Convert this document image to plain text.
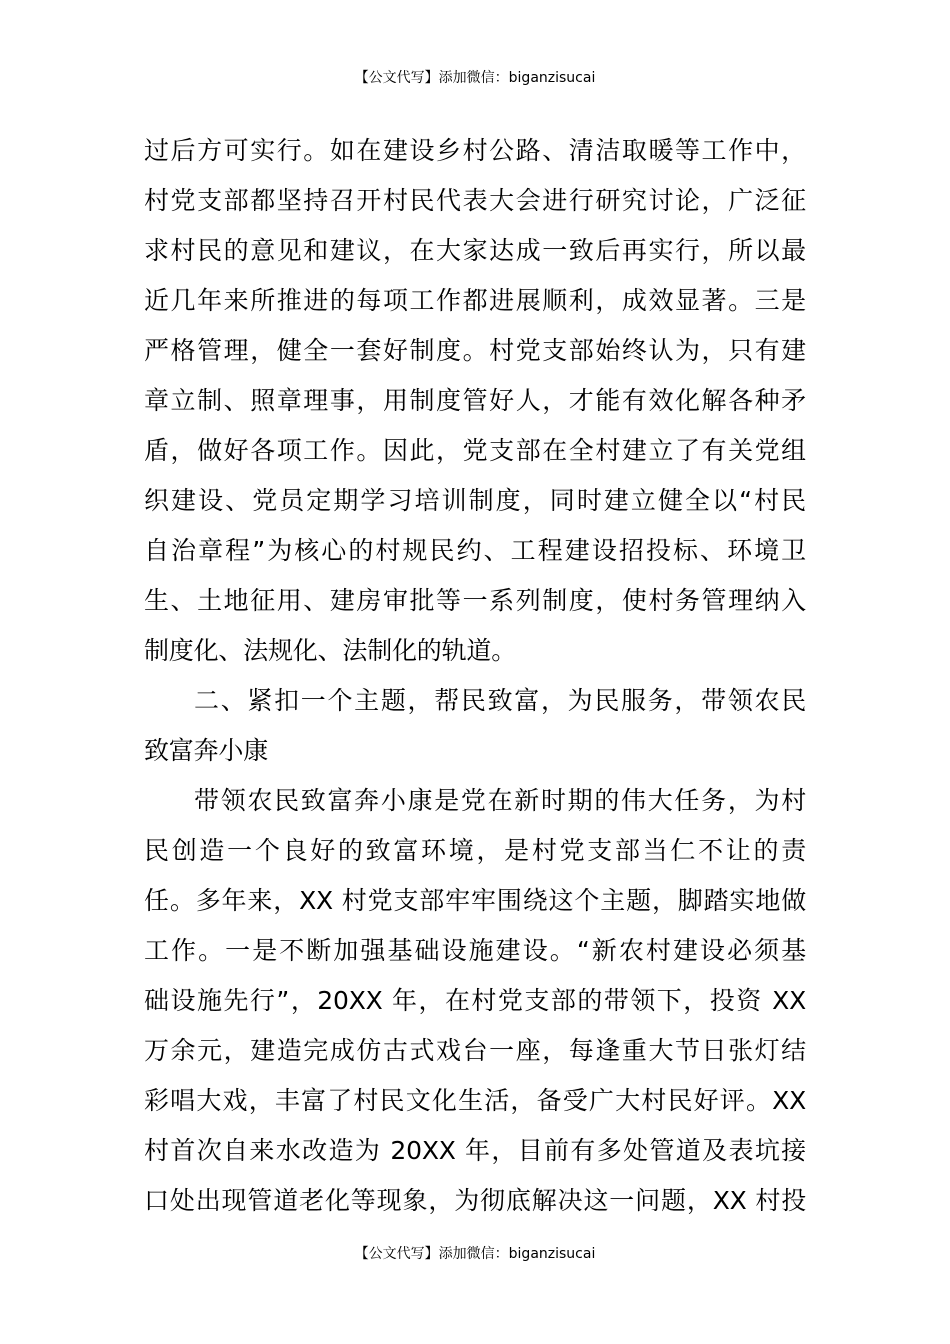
【公文代写】添加微信：biganzisucai
过后方可实行。如在建设乡村公路、清洁取暖等工作中，
村党支部都坚持召开村民代表大会进行研究讨论，广泛征
求村民的意见和建议，在大家达成一致后再实行，所以最
近几年来所推进的每项工作都进展顺利，成效显著。三是
严格管理，健全一套好制度。村党支部始终认为，只有建
章立制、照章理事，用制度管好人，才能有效化解各种矛
盾，做好各项工作。因此，党支部在全村建立了有关党组
织建设、党员定期学习培训制度，同时建立健全以“村民
自治章程”为核心的村规民约、工程建设招投标、环境卫
生、土地征用、建房审批等一系列制度，使村务管理纳入
制度化、法规化、法制化的轨道。
二、紧扣一个主题，帮民致富，为民服务，带领农民
致富奔小康
带领农民致富奔小康是党在新时期的伟大任务，为村
民创造一个良好的致富环境，是村党支部当仁不让的责
任。多年来，XX 村党支部牢牢围绕这个主题，脚踏实地做
工作。一是不断加强基础设施建设。“新农村建设必须基
础设施先行”，20XX 年，在村党支部的带领下，投资 XX
万余元，建造完成仿古式戏台一座，每逢重大节日张灯结
彩唱大戏，丰富了村民文化生活，备受广大村民好评。XX
村首次自来水改造为 20XX 年，目前有多处管道及表坑接
口处出现管道老化等现象，为彻底解决这一问题，XX 村投
【公文代写】添加微信：biganzisucai
